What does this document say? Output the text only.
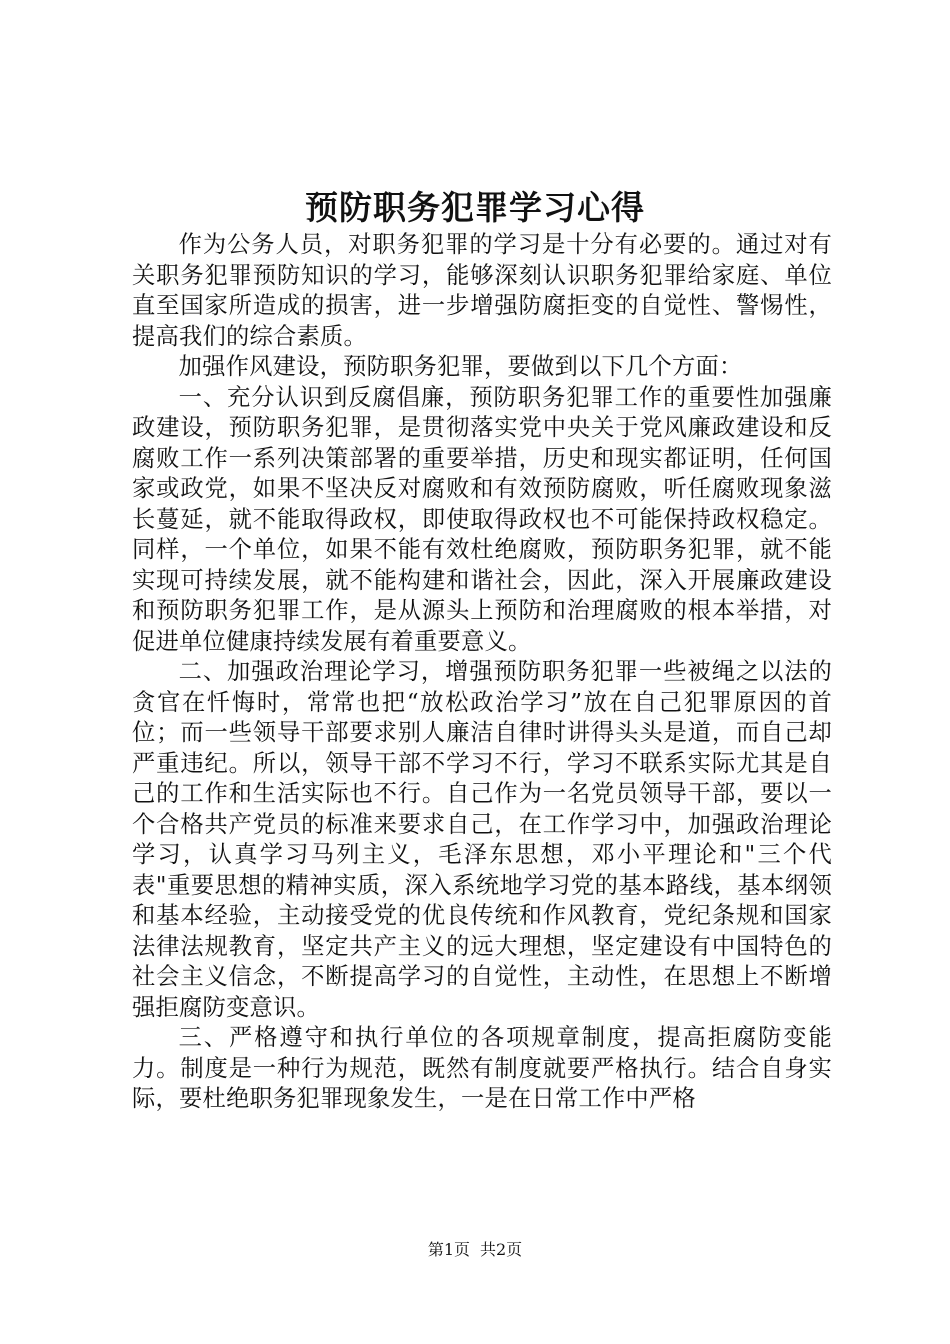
预防职务犯罪学习心得

作为公务人员，对职务犯罪的学习是十分有必要的。通过对有关职务犯罪预防知识的学习，能够深刻认识职务犯罪给家庭、单位直至国家所造成的损害，进一步增强防腐拒变的自觉性、警惕性，提高我们的综合素质。

加强作风建设，预防职务犯罪，要做到以下几个方面：

一、充分认识到反腐倡廉，预防职务犯罪工作的重要性加强廉政建设，预防职务犯罪，是贯彻落实党中央关于党风廉政建设和反腐败工作一系列决策部署的重要举措，历史和现实都证明，任何国家或政党，如果不坚决反对腐败和有效预防腐败，听任腐败现象滋长蔓延，就不能取得政权，即使取得政权也不可能保持政权稳定。同样，一个单位，如果不能有效杜绝腐败，预防职务犯罪，就不能实现可持续发展，就不能构建和谐社会，因此，深入开展廉政建设和预防职务犯罪工作，是从源头上预防和治理腐败的根本举措，对促进单位健康持续发展有着重要意义。

二、加强政治理论学习，增强预防职务犯罪一些被绳之以法的贪官在忏悔时，常常也把“放松政治学习”放在自己犯罪原因的首位；而一些领导干部要求别人廉洁自律时讲得头头是道，而自己却严重违纪。所以，领导干部不学习不行，学习不联系实际尤其是自己的工作和生活实际也不行。自己作为一名党员领导干部，要以一个合格共产党员的标准来要求自己，在工作学习中，加强政治理论学习，认真学习马列主义，毛泽东思想，邓小平理论和"三个代表"重要思想的精神实质，深入系统地学习党的基本路线，基本纲领和基本经验，主动接受党的优良传统和作风教育，党纪条规和国家法律法规教育，坚定共产主义的远大理想，坚定建设有中国特色的社会主义信念，不断提高学习的自觉性，主动性，在思想上不断增强拒腐防变意识。

三、严格遵守和执行单位的各项规章制度，提高拒腐防变能力。制度是一种行为规范，既然有制度就要严格执行。结合自身实际，要杜绝职务犯罪现象发生，一是在日常工作中严格

第1页 共2页
